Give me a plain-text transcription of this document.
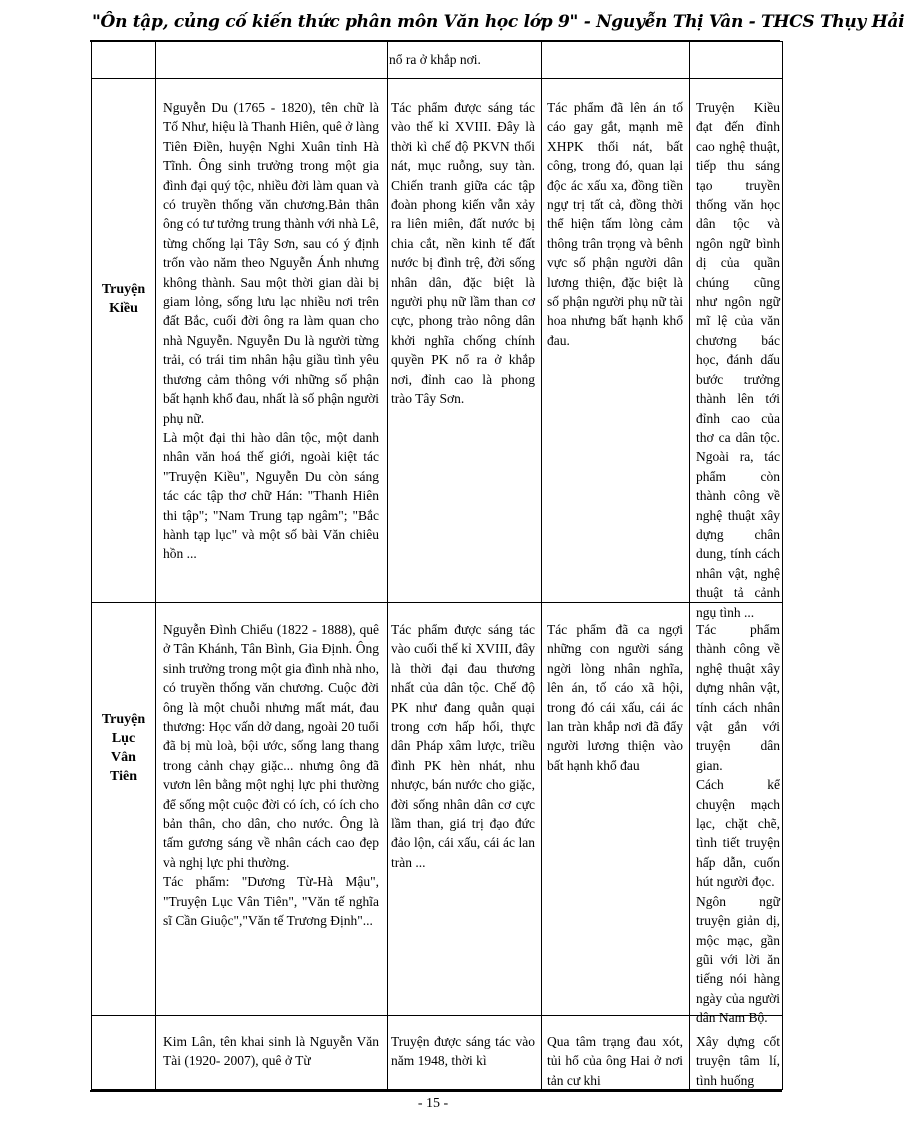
"Ôn tập, củng cố kiến thức phân môn Văn học lớp 9" - Nguyễn Thị Vân - THCS Thụy Hải
nổ ra ở khắp nơi.
Truyện
Kiều

Nguyễn Du (1765 - 1820), tên chữ là Tố Như, hiệu là Thanh Hiên, quê ở làng Tiên Điền, huyện Nghi Xuân tỉnh Hà Tĩnh. Ông sinh trưởng trong một gia đình đại quý tộc, nhiều đời làm quan và có truyền thống văn chương.Bản thân ông có tư tưởng trung thành với nhà Lê, từng chống lại Tây Sơn, sau có ý định trốn vào năm theo Nguyễn Ánh nhưng không thành. Sau một thời gian dài bị giam lỏng, sống lưu lạc nhiều nơi trên đất Bắc, cuối đời ông ra làm quan cho nhà Nguyễn. Nguyễn Du là người từng trải, có trái tim nhân hậu giầu tình yêu thương cảm thông với những số phận bất hạnh khổ đau, nhất là số phận người phụ nữ.

Là một đại thi hào dân tộc, một danh nhân văn hoá thế giới, ngoài kiệt tác "Truyện Kiều", Nguyễn Du còn sáng tác các tập thơ chữ Hán: "Thanh Hiên thi tập"; "Nam Trung tạp ngâm"; "Bắc hành tạp lục" và một số bài Văn chiêu hồn ...

Tác phẩm được sáng tác vào thế kỉ XVIII. Đây là thời kì chế độ PKVN thối nát, mục ruỗng, suy tàn. Chiến tranh giữa các tập đoàn phong kiến vẫn xảy ra liên miên, đất nước bị chia cắt, nền kinh tế đất nước bị đình trệ, đời sống nhân dân, đặc biệt là người phụ nữ lầm than cơ cực, phong trào nông dân khởi nghĩa chống chính quyền PK nổ ra ở khắp nơi, đỉnh cao là phong trào Tây Sơn.
Tác phẩm đã lên án tố cáo gay gắt, mạnh mẽ XHPK thối nát, bất công, trong đó, quan lại độc ác xấu xa, đồng tiền ngự trị tất cả, đồng thời thể hiện tấm lòng cảm thông trân trọng và bênh vực số phận người dân lương thiện, đặc biệt là số phận người phụ nữ tài hoa nhưng bất hạnh khổ đau.
Truyện Kiều đạt đến đỉnh cao nghệ thuật, tiếp thu sáng tạo truyền thống văn học dân tộc và ngôn ngữ bình dị của quần chúng cũng như ngôn ngữ mĩ lệ của văn chương bác học, đánh dấu bước trưởng thành lên tới đỉnh cao của thơ ca dân tộc. Ngoài ra, tác phẩm còn thành công về nghệ thuật xây dựng chân dung, tính cách nhân vật, nghệ thuật tả cảnh ngụ tình ...
Truyện
Lục
Vân
Tiên

Nguyễn Đình Chiểu (1822 - 1888), quê ở Tân Khánh, Tân Bình, Gia Định. Ông sinh trưởng trong một gia đình nhà nho, có truyền thống văn chương. Cuộc đời ông là một chuỗi nhưng mất mát, đau thương: Học vấn dở dang, ngoài 20 tuổi đã bị mù loà, bội ước, sống lang thang trong cảnh chạy giặc... nhưng ông đã vươn lên bằng một nghị lực phi thường để sống một cuộc đời có ích, có ích cho bản thân, cho dân, cho nước. Ông là tấm gương sáng về nhân cách cao đẹp và nghị lực phi thường.

Tác phẩm: "Dương Từ-Hà Mậu", "Truyện Lục Vân Tiên", "Văn tế nghĩa sĩ Cần Giuộc","Văn tế Trương Định"...

Tác phẩm được sáng tác vào cuối thế kỉ XVIII, đây là thời đại đau thương nhất của dân tộc. Chế độ PK như đang quằn quại trong cơn hấp hối, thực dân Pháp xâm lược, triều đình PK hèn nhát, nhu nhược, bán nước cho giặc, đời sống nhân dân cơ cực lầm than, giá trị đạo đức đảo lộn, cái xấu, cái ác lan tràn ...
Tác phẩm đã ca ngợi những con người sáng ngời lòng nhân nghĩa, lên án, tố cáo xã hội, trong đó cái xấu, cái ác lan tràn khắp nơi đã đẩy người lương thiện vào bất hạnh khổ đau

Tác phẩm thành công về nghệ thuật xây dựng nhân vật, tính cách nhân vật gắn với truyện dân gian.

Cách kể chuyện mạch lạc, chặt chẽ, tình tiết truyện hấp dẫn, cuốn hút người đọc.

Ngôn ngữ truyện giản dị, mộc mạc, gần gũi với lời ăn tiếng nói hàng ngày của người dân Nam Bộ.

Kim Lân, tên khai sinh là Nguyễn Văn Tài (1920- 2007), quê ở Từ
Truyện được sáng tác vào năm 1948, thời kì
Qua tâm trạng đau xót, tủi hổ của ông Hai ở nơi tản cư khi
Xây dựng cốt truyện tâm lí, tình huống
- 15 -
